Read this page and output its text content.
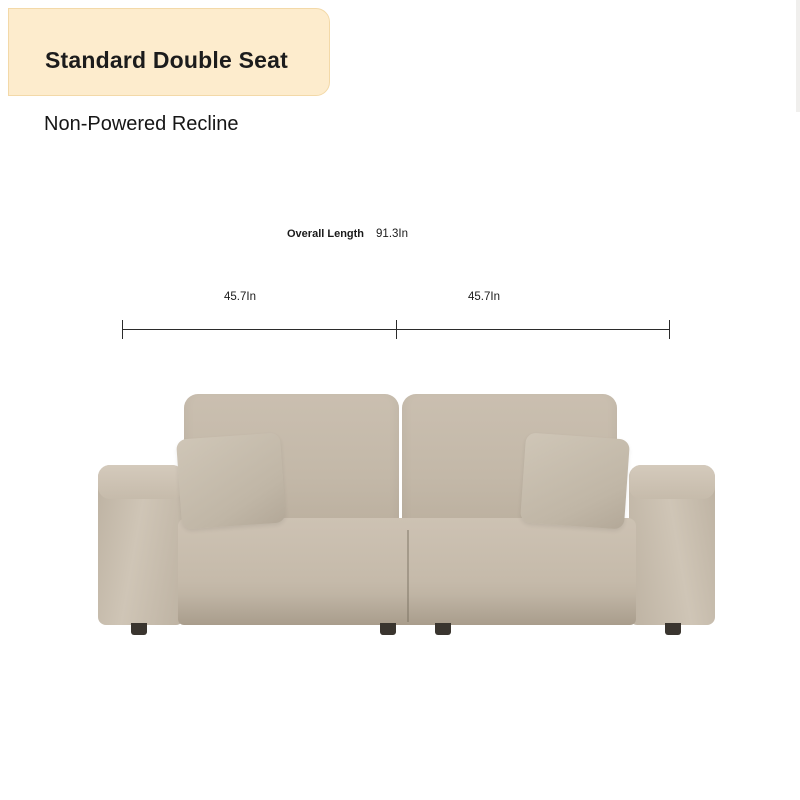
Standard Double Seat
Non-Powered Recline
Overall Length 91.3In
45.7In	45.7In
